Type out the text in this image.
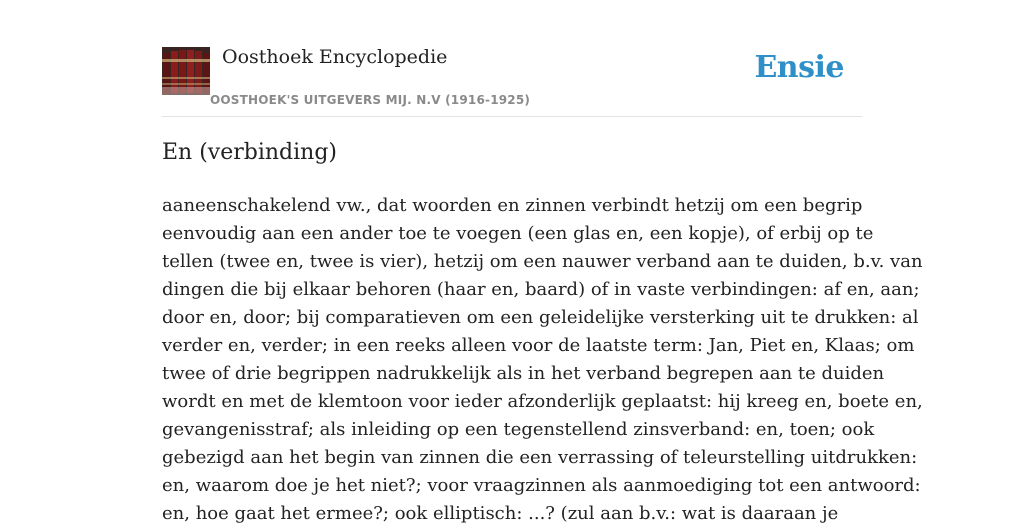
Oosthoek Encyclopedie
OOSTHOEK'S UITGEVERS MIJ. N.V (1916-1925)
Ensie
En (verbinding)
aaneenschakelend vw., dat woorden en zinnen verbindt hetzij om een begrip
eenvoudig aan een ander toe te voegen (een glas en, een kopje), of erbij op te
tellen (twee en, twee is vier), hetzij om een nauwer verband aan te duiden, b.v. van
dingen die bij elkaar behoren (haar en, baard) of in vaste verbindingen: af en, aan;
door en, door; bij comparatieven om een geleidelijke versterking uit te drukken: al
verder en, verder; in een reeks alleen voor de laatste term: Jan, Piet en, Klaas; om
twee of drie begrippen nadrukkelijk als in het verband begrepen aan te duiden
wordt en met de klemtoon voor ieder afzonderlijk geplaatst: hij kreeg en, boete en,
gevangenisstraf; als inleiding op een tegenstellend zinsverband: en, toen; ook
gebezigd aan het begin van zinnen die een verrassing of teleurstelling uitdrukken:
en, waarom doe je het niet?; voor vraagzinnen als aanmoediging tot een antwoord:
en, hoe gaat het ermee?; ook elliptisch: ...? (zul aan b.v.: wat is daaraan je
